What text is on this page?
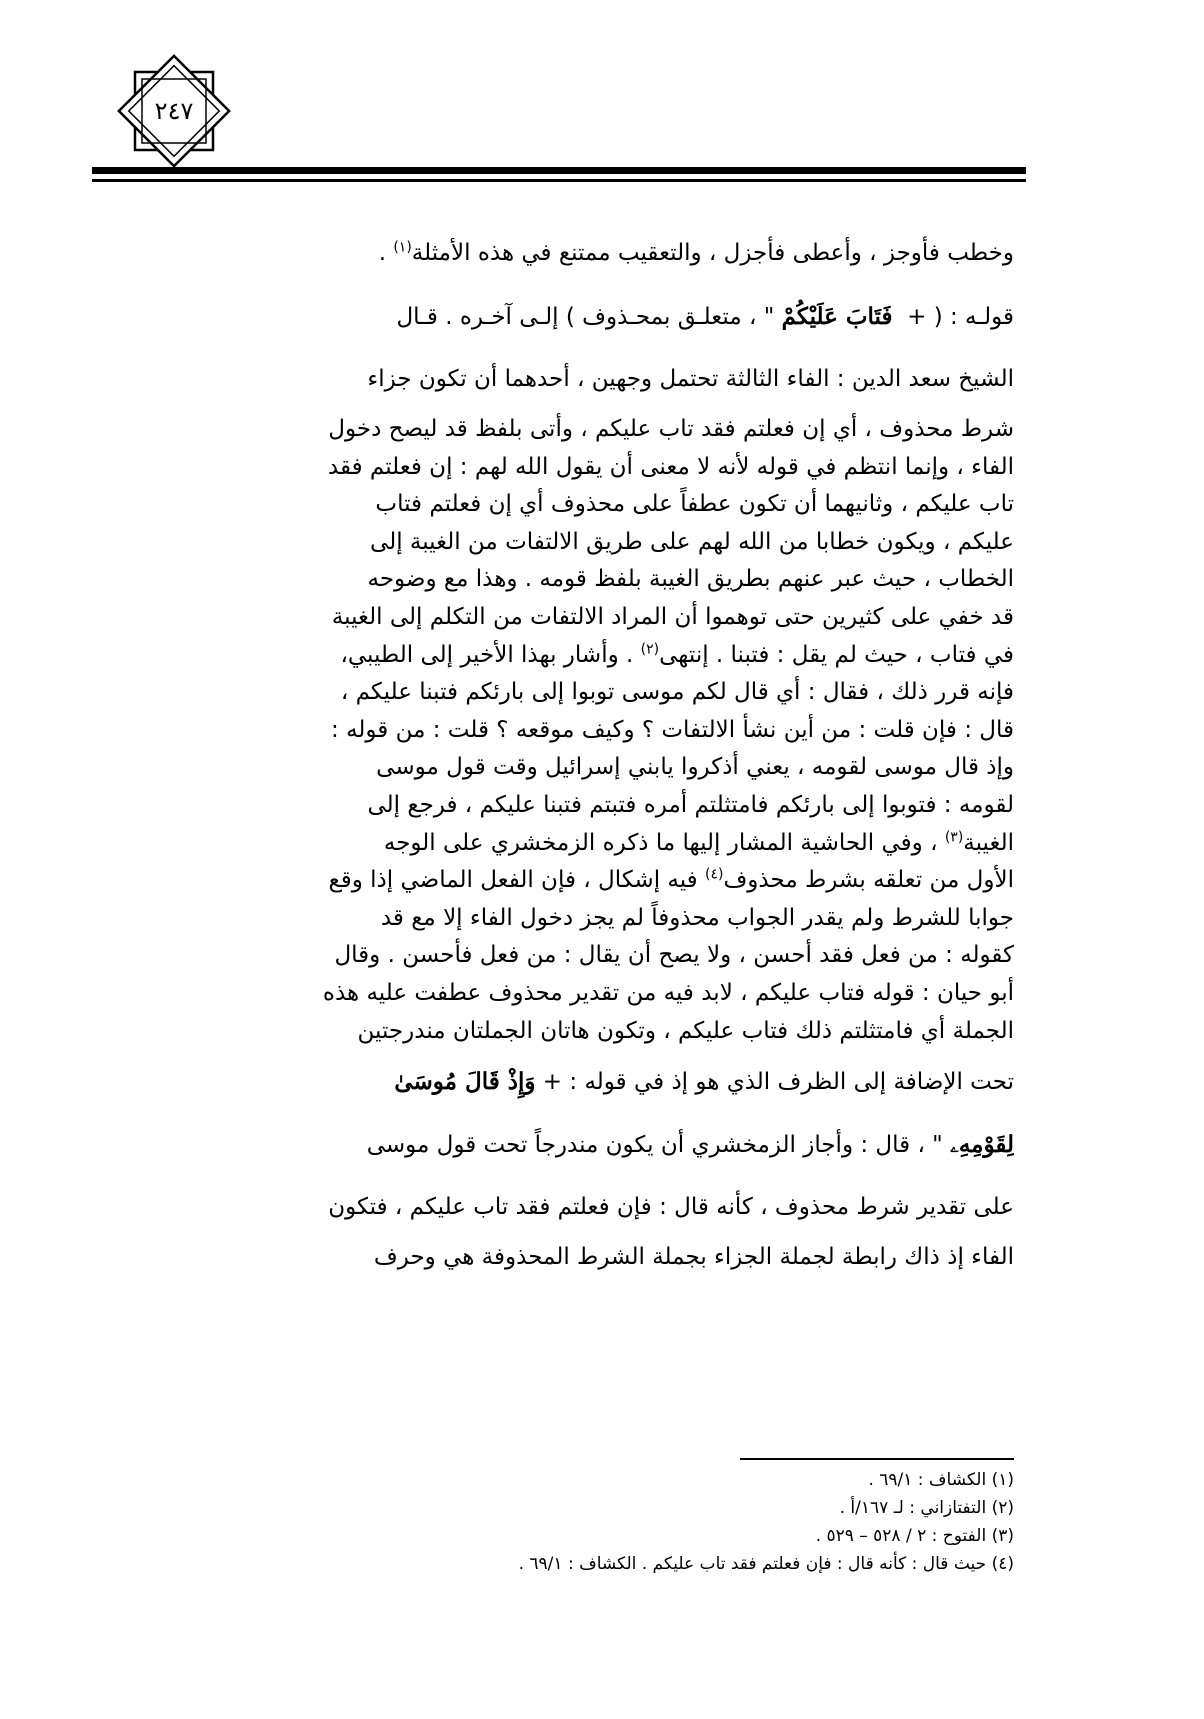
٢٤٧
وخطب فأوجز ، وأعطى فأجزل ، والتعقيب ممتنع في هذه الأمثلة$^{(١)}$ .
قولـه : ( +  فَتَابَ عَلَيْكُمْ " ، متعلـق بمحـذوف ) إلـى آخـره . قـال
الشيخ سعد الدين : الفاء الثالثة تحتمل وجهين ، أحدهما أن تكون جزاء
شرط محذوف ، أي إن فعلتم فقد تاب عليكم ، وأتى بلفظ قد ليصح دخول
الفاء ، وإنما انتظم في قوله لأنه لا معنى أن يقول الله لهم : إن فعلتم فقد
تاب عليكم ، وثانيهما أن تكون عطفاً على محذوف أي إن فعلتم فتاب
عليكم ، ويكون خطابا من الله لهم على طريق الالتفات من الغيبة إلى
الخطاب ، حيث عبر عنهم بطريق الغيبة بلفظ قومه . وهذا مع وضوحه
قد خفي على كثيرين حتى توهموا أن المراد الالتفات من التكلم إلى الغيبة
في فتاب ، حيث لم يقل : فتبنا . إنتهى$^{(٢)}$ . وأشار بهذا الأخير إلى الطيبي،
فإنه قرر ذلك ، فقال : أي قال لكم موسى توبوا إلى بارئكم فتبنا عليكم ،
قال : فإن قلت : من أين نشأ الالتفات ؟ وكيف موقعه ؟ قلت : من قوله :
وإذ قال موسى لقومه ، يعني أذكروا يابني إسرائيل وقت قول موسى
لقومه : فتوبوا إلى بارئكم فامتثلتم أمره فتبتم فتبنا عليكم ، فرجع إلى
الغيبة$^{(٣)}$ ، وفي الحاشية المشار إليها ما ذكره الزمخشري على الوجه
الأول من تعلقه بشرط محذوف$^{(٤)}$ فيه إشكال ، فإن الفعل الماضي إذا وقع
جوابا للشرط ولم يقدر الجواب محذوفاً لم يجز دخول الفاء إلا مع قد
كقوله : من فعل فقد أحسن ، ولا يصح أن يقال : من فعل فأحسن . وقال
أبو حيان : قوله فتاب عليكم ، لابد فيه من تقدير محذوف عطفت عليه هذه
الجملة أي فامتثلتم ذلك فتاب عليكم ، وتكون هاتان الجملتان مندرجتين
تحت الإضافة إلى الظرف الذي هو إذ في قوله : + وَإِذْ قَالَ مُوسَىٰ
لِقَوْمِهِۦ " ، قال : وأجاز الزمخشري أن يكون مندرجاً تحت قول موسى
على تقدير شرط محذوف ، كأنه قال : فإن فعلتم فقد تاب عليكم ، فتكون
الفاء إذ ذاك رابطة لجملة الجزاء بجملة الشرط المحذوفة هي وحرف
(١) الكشاف : ٦٩/١ .
(٢) التفتازاني : لـ ١٦٧/أ .
(٣) الفتوح : ٢ / ٥٢٨ – ٥٢٩ .
(٤) حيث قال : كأنه قال : فإن فعلتم فقد تاب عليكم . الكشاف : ٦٩/١ .
